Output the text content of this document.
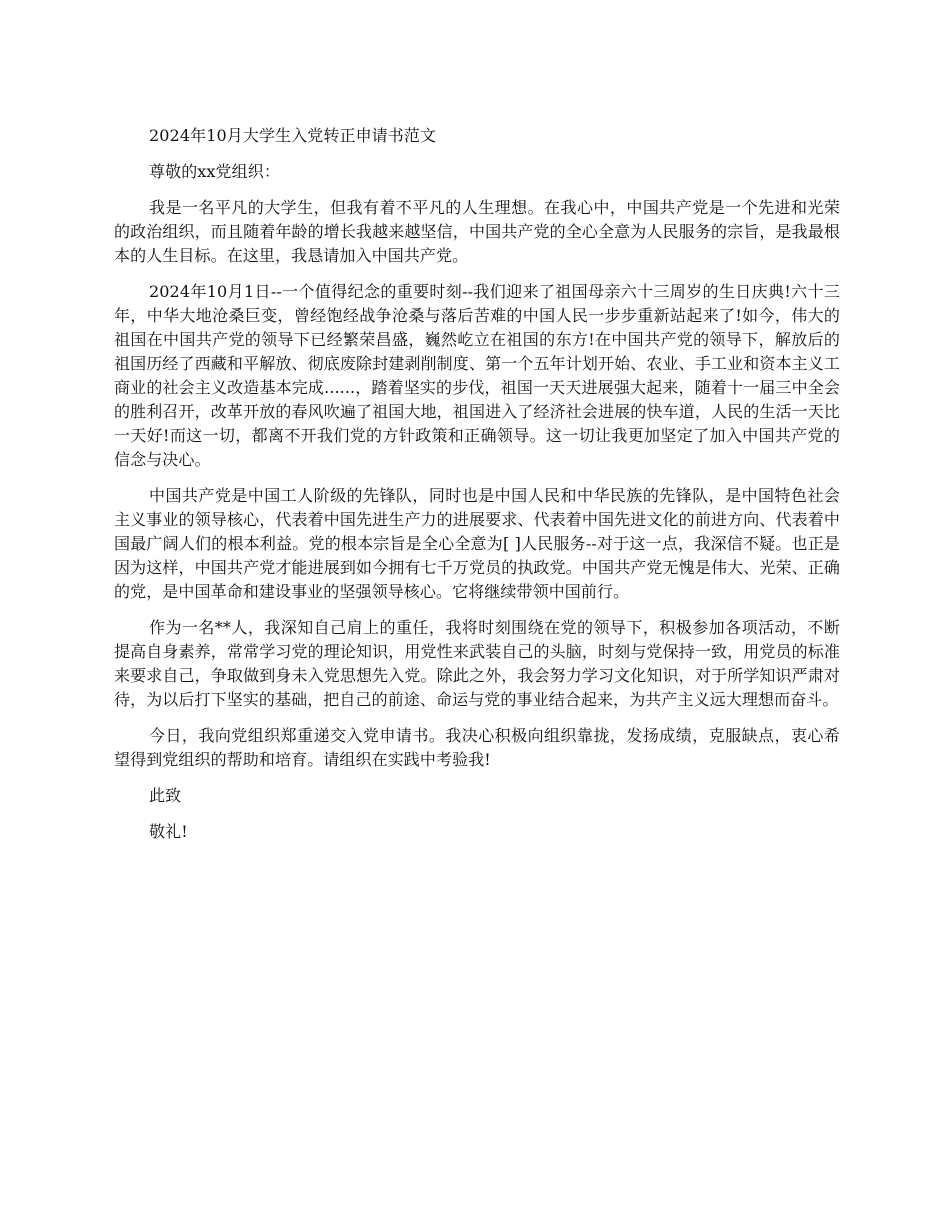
2024年10月大学生入党转正申请书范文

尊敬的xx党组织：

我是一名平凡的大学生，但我有着不平凡的人生理想。在我心中，中国共产党是一个先进和光荣的政治组织，而且随着年龄的增长我越来越坚信，中国共产党的全心全意为人民服务的宗旨，是我最根本的人生目标。在这里，我恳请加入中国共产党。

2024年10月1日--一个值得纪念的重要时刻--我们迎来了祖国母亲六十三周岁的生日庆典!六十三年，中华大地沧桑巨变，曾经饱经战争沧桑与落后苦难的中国人民一步步重新站起来了!如今，伟大的祖国在中国共产党的领导下已经繁荣昌盛，巍然屹立在祖国的东方!在中国共产党的领导下，解放后的祖国历经了西藏和平解放、彻底废除封建剥削制度、第一个五年计划开始、农业、手工业和资本主义工商业的社会主义改造基本完成......，踏着坚实的步伐，祖国一天天进展强大起来，随着十一届三中全会的胜利召开，改革开放的春风吹遍了祖国大地，祖国进入了经济社会进展的快车道，人民的生活一天比一天好!而这一切，都离不开我们党的方针政策和正确领导。这一切让我更加坚定了加入中国共产党的信念与决心。

中国共产党是中国工人阶级的先锋队，同时也是中国人民和中华民族的先锋队，是中国特色社会主义事业的领导核心，代表着中国先进生产力的进展要求、代表着中国先进文化的前进方向、代表着中国最广阔人们的根本利益。党的根本宗旨是全心全意为[ ]人民服务--对于这一点，我深信不疑。也正是因为这样，中国共产党才能进展到如今拥有七千万党员的执政党。中国共产党无愧是伟大、光荣、正确的党，是中国革命和建设事业的坚强领导核心。它将继续带领中国前行。

作为一名**人，我深知自己肩上的重任，我将时刻围绕在党的领导下，积极参加各项活动，不断提高自身素养，常常学习党的理论知识，用党性来武装自己的头脑，时刻与党保持一致，用党员的标准来要求自己，争取做到身未入党思想先入党。除此之外，我会努力学习文化知识，对于所学知识严肃对待，为以后打下坚实的基础，把自己的前途、命运与党的事业结合起来，为共产主义远大理想而奋斗。

今日，我向党组织郑重递交入党申请书。我决心积极向组织靠拢，发扬成绩，克服缺点，衷心希望得到党组织的帮助和培育。请组织在实践中考验我!

此致

敬礼!
